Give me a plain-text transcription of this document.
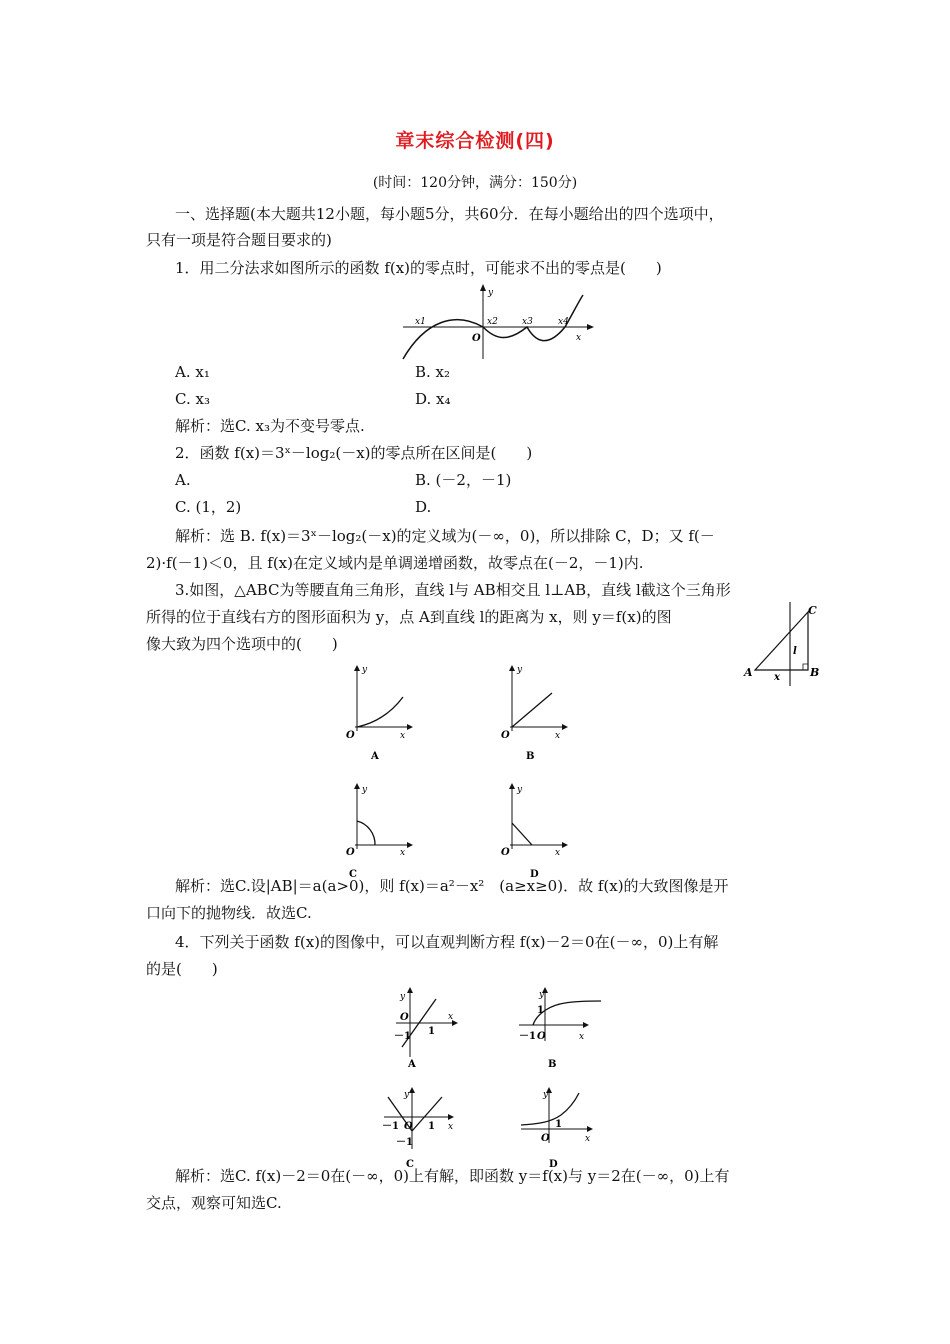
章末综合检测(四)
(时间：120分钟，满分：150分)
一、选择题(本大题共12小题，每小题5分，共60分．在每小题给出的四个选项中，
只有一项是符合题目要求的)
1．用二分法求如图所示的函数 f(x)的零点时，可能求不出的零点是(　　)
x1	x2	x3	x4
O	x
y
A. x₁	B. x₂
C. x₃	D. x₄
解析：选C. x₃为不变号零点.
2．函数 f(x)＝3ˣ－log₂(－x)的零点所在区间是(　　)
A.	B. (－2，－1)
C. (1，2)	D.
解析：选 B. f(x)＝3ˣ－log₂(－x)的定义域为(－∞，0)，所以排除 C，D；又 f(－
2)·f(－1)＜0，且 f(x)在定义域内是单调递增函数，故零点在(－2，－1)内.
3.如图，△ABC为等腰直角三角形，直线 l与 AB相交且 l⊥AB，直线 l截这个三角形
所得的位于直线右方的图形面积为 y，点 A到直线 l的距离为 x，则 y＝f(x)的图
像大致为四个选项中的(　　)
A	B
C
l
x
O	x
y
A
O	x
y
B
O	x
y
C
O	x
y
D
解析：选C.设|AB|＝a(a>0)，则 f(x)＝a²－x²　(a≥x≥0)．故 f(x)的大致图像是开
口向下的抛物线．故选C.
4．下列关于函数 f(x)的图像中，可以直观判断方程 f(x)－2＝0在(－∞，0)上有解
的是(　　)
y
O
1
－1
x
A
y
1
－1 O	x
B
y
－1 O 1 x
－1
C
y
O
1
x
D
解析：选C. f(x)－2＝0在(－∞，0)上有解，即函数 y＝f(x)与 y＝2在(－∞，0)上有
交点，观察可知选C.
